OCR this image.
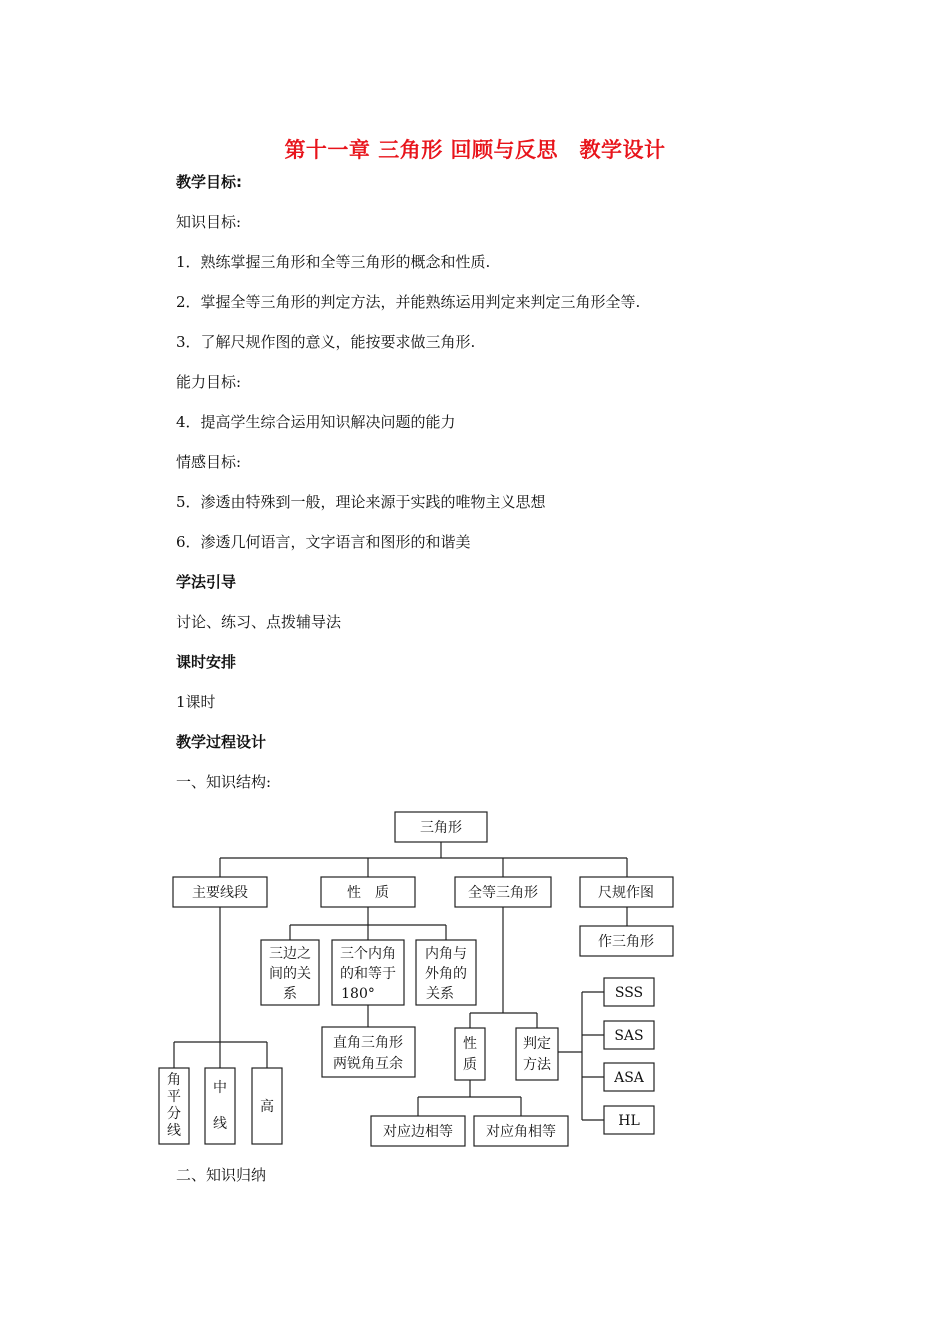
第十一章 三角形 回顾与反思　教学设计
教学目标:
知识目标:
1．熟练掌握三角形和全等三角形的概念和性质.
2．掌握全等三角形的判定方法，并能熟练运用判定来判定三角形全等.
3．了解尺规作图的意义，能按要求做三角形.
能力目标:
4．提高学生综合运用知识解决问题的能力
情感目标:
5．渗透由特殊到一般，理论来源于实践的唯物主义思想
6．渗透几何语言，文字语言和图形的和谐美
学法引导
讨论、练习、点拨辅导法
课时安排
1课时
教学过程设计
一、知识结构:
二、知识归纳
三角形
主要线段	性　质	全等三角形	尺规作图
作三角形
三边之
间的关
系
三个内角
的和等于
180°
内角与
外角的
关系
直角三角形
两锐角互余
角
平
分
线
中
线
高
性
质
判定
方法
对应边相等 对应角相等
SSS
SAS
ASA
HL
